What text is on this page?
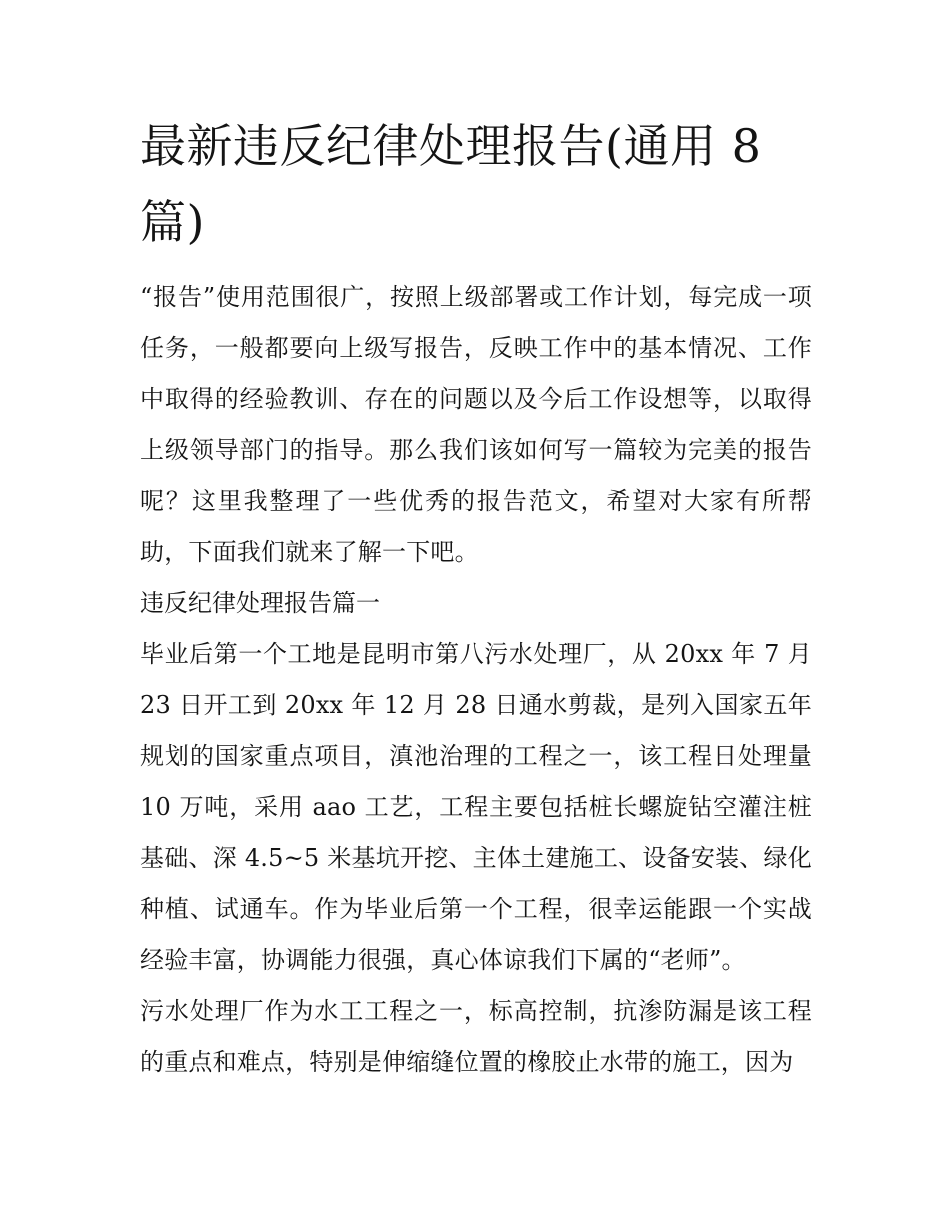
最新违反纪律处理报告(通用 8 篇)

“报告”使用范围很广，按照上级部署或工作计划，每完成一项任务，一般都要向上级写报告，反映工作中的基本情况、工作中取得的经验教训、存在的问题以及今后工作设想等，以取得上级领导部门的指导。那么我们该如何写一篇较为完美的报告呢？这里我整理了一些优秀的报告范文，希望对大家有所帮助，下面我们就来了解一下吧。

违反纪律处理报告篇一

毕业后第一个工地是昆明市第八污水处理厂，从 20xx 年 7 月 23 日开工到 20xx 年 12 月 28 日通水剪裁，是列入国家五年规划的国家重点项目，滇池治理的工程之一，该工程日处理量 10 万吨，采用 aao 工艺，工程主要包括桩长螺旋钻空灌注桩基础、深 4.5~5 米基坑开挖、主体土建施工、设备安装、绿化种植、试通车。作为毕业后第一个工程，很幸运能跟一个实战经验丰富，协调能力很强，真心体谅我们下属的“老师”。

污水处理厂作为水工工程之一，标高控制，抗渗防漏是该工程的重点和难点，特别是伸缩缝位置的橡胶止水带的施工，因为
